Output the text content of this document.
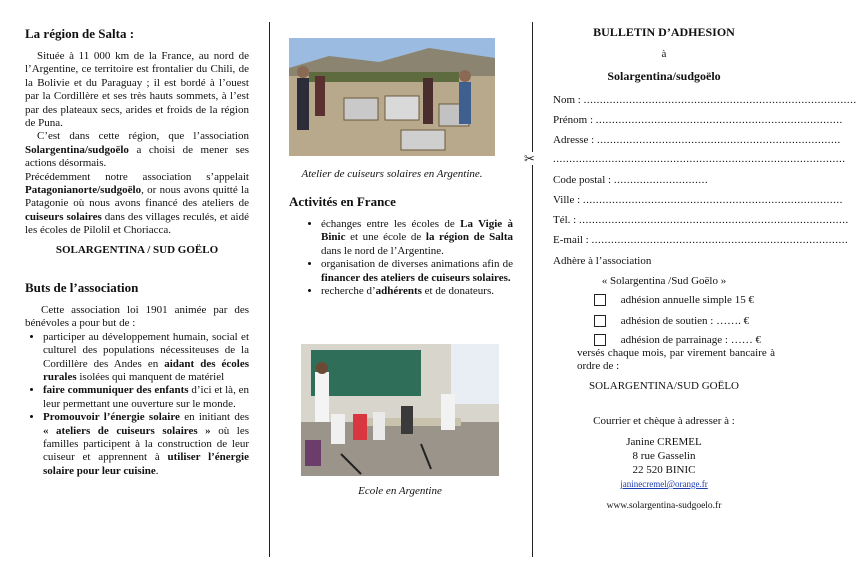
✂
La région de Salta :

Située à 11 000 km de la France, au nord de l’Argentine, ce territoire est frontalier du Chili, de la Bolivie et du Paraguay ; il est bordé à l’ouest par la Cordillère et ses très hauts sommets, à l’est par des plateaux secs, arides et froids de la région de Puna.

C’est dans cette région, que l’association Solargentina/sudgoëlo a choisi de mener ses actions désormais.

Précédemment notre association s’appelait Patagonianorte/sudgoëlo, or nous avons quitté la Patagonie où nous avons financé des ateliers de cuiseurs solaires dans des villages reculés, et aidé les écoles de Pilolil et Choriacca.

SOLARGENTINA / SUD GOËLO

Buts de l’association

Cette association loi 1901 animée par des bénévoles a pour but de :

• participer au développement humain, social et culturel des populations nécessiteuses de la Cordillère des Andes en aidant des écoles rurales isolées qui manquent de matériel
• faire communiquer des enfants d’ici et là, en leur permettant une ouverture sur le monde.
• Promouvoir l’énergie solaire en initiant des « ateliers de cuiseurs solaires » où les familles participent à la construction de leur cuiseur et apprennent à utiliser l’énergie solaire pour leur cuisine.
Atelier de cuiseurs solaires en Argentine.
Activités en France
• échanges entre les écoles de La Vigie à Binic et une école de la région de Salta dans le nord de l’Argentine.
• organisation de diverses animations afin de financer des ateliers de cuiseurs solaires.
• recherche d’adhérents et de donateurs.
Ecole en Argentine
BULLETIN D’ADHESION
à
Solargentina/sudgoëlo
Nom : ....................................................................................
Prénom : ............................................................................
Adresse : ...........................................................................
..........................................................................................
Code postal : .............................
Ville : ................................................................................
Tél. : ...................................................................................
E-mail : ...............................................................................
Adhère à l’association
« Solargentina /Sud Goëlo »
adhésion annuelle simple 15 €
adhésion de soutien : ……. €
adhésion de parrainage : …… €
versés chaque mois, par virement bancaire à ordre de :
SOLARGENTINA/SUD GOËLO
Courrier et chèque à adresser à :
Janine CREMEL
8 rue Gasselin
22 520 BINIC
janinecremel@orange.fr
www.solargentina-sudgoelo.fr
